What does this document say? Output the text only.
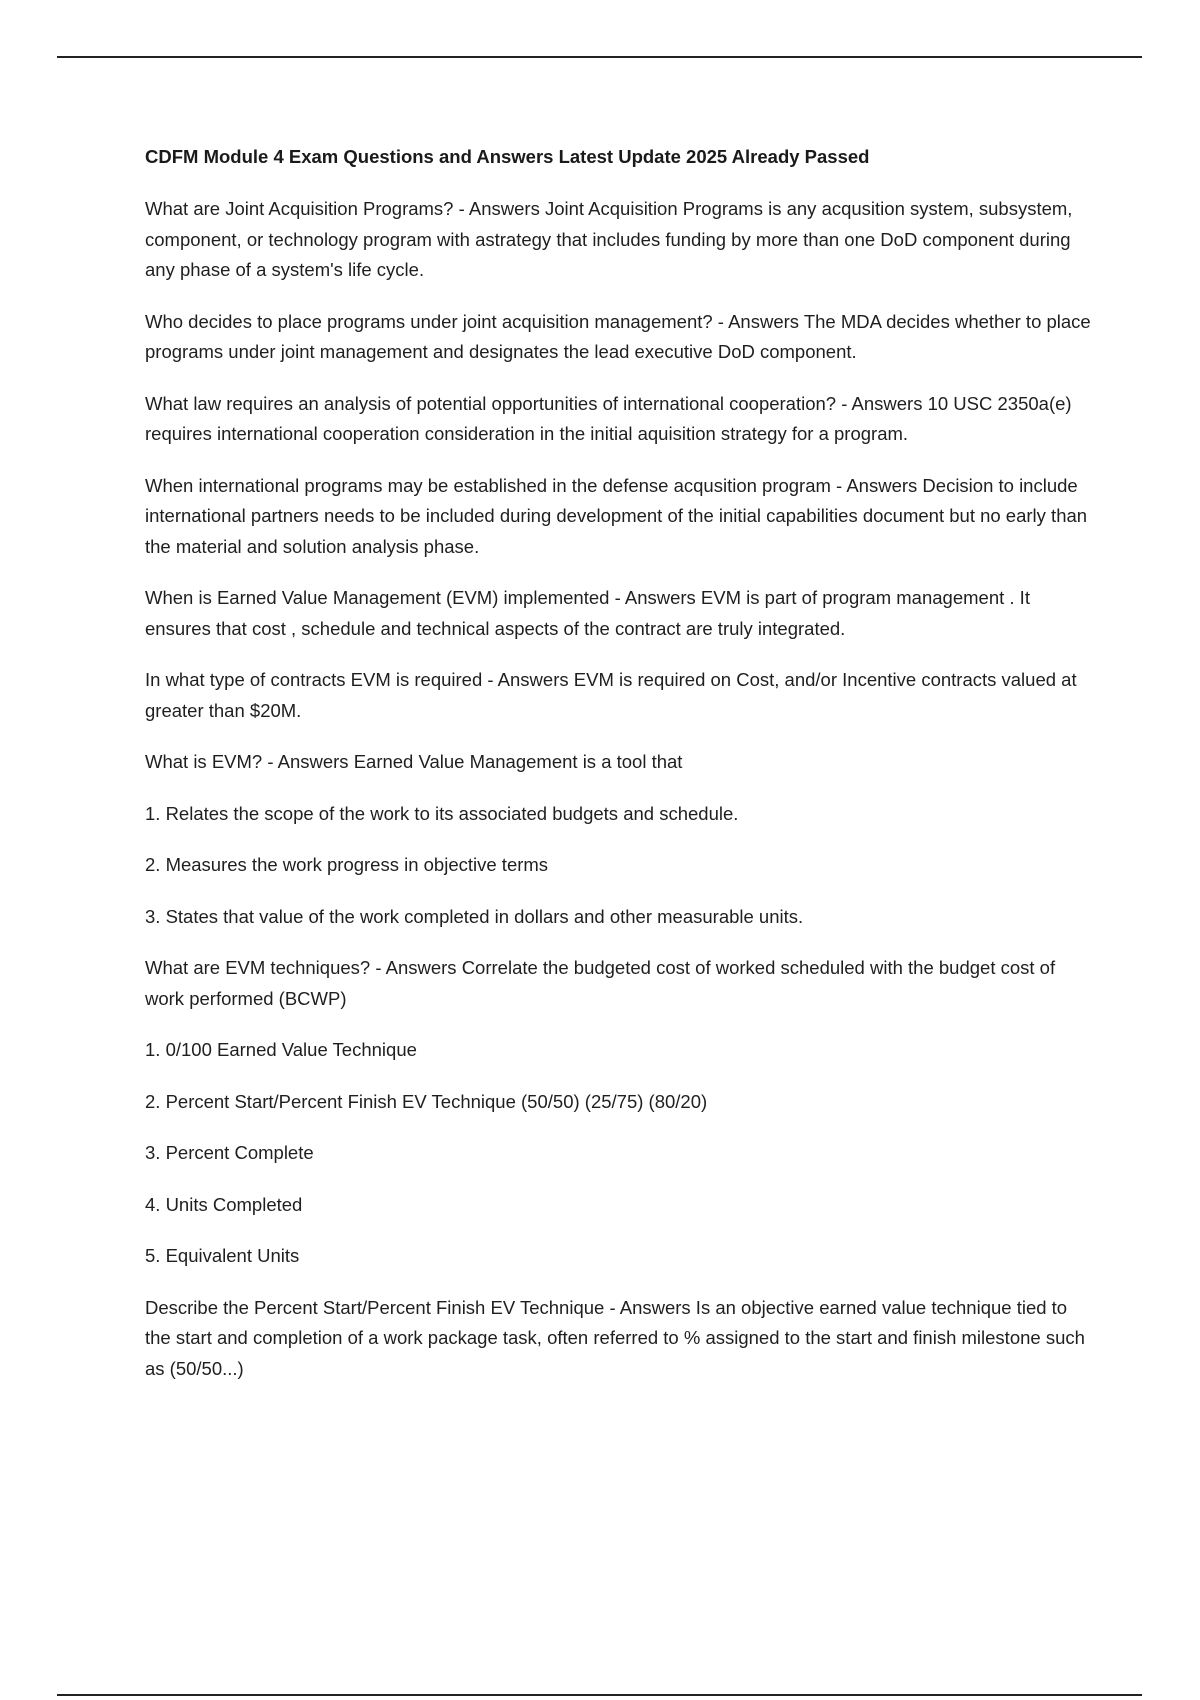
CDFM Module 4 Exam Questions and Answers Latest Update 2025 Already Passed

What are Joint Acquisition Programs? - Answers Joint Acquisition Programs is any acqusition system, subsystem, component, or technology program with astrategy that includes funding by more than one DoD component during any phase of a system's life cycle.

Who decides to place programs under joint acquisition management? - Answers The MDA decides whether to place programs under joint management and designates the lead executive DoD component.

What law requires an analysis of potential opportunities of international cooperation? - Answers 10 USC 2350a(e) requires international cooperation consideration in the initial aquisition strategy for a program.

When international programs may be established in the defense acqusition program - Answers Decision to include international partners needs to be included during development of the initial capabilities document but no early than the material and solution analysis phase.

When is Earned Value Management (EVM) implemented - Answers EVM is part of program management . It ensures that cost , schedule and technical aspects of the contract are truly integrated.

In what type of contracts EVM is required - Answers EVM is required on Cost, and/or Incentive contracts valued at greater than $20M.

What is EVM? - Answers Earned Value Management is a tool that

1. Relates the scope of the work to its associated budgets and schedule.

2. Measures the work progress in objective terms

3. States that value of the work completed in dollars and other measurable units.

What are EVM techniques? - Answers Correlate the budgeted cost of worked scheduled with the budget cost of work performed (BCWP)

1. 0/100 Earned Value Technique

2. Percent Start/Percent Finish EV Technique (50/50) (25/75) (80/20)

3. Percent Complete

4. Units Completed

5. Equivalent Units

Describe the Percent Start/Percent Finish EV Technique - Answers Is an objective earned value technique tied to the start and completion of a work package task, often referred to % assigned to the start and finish milestone such as (50/50...)
